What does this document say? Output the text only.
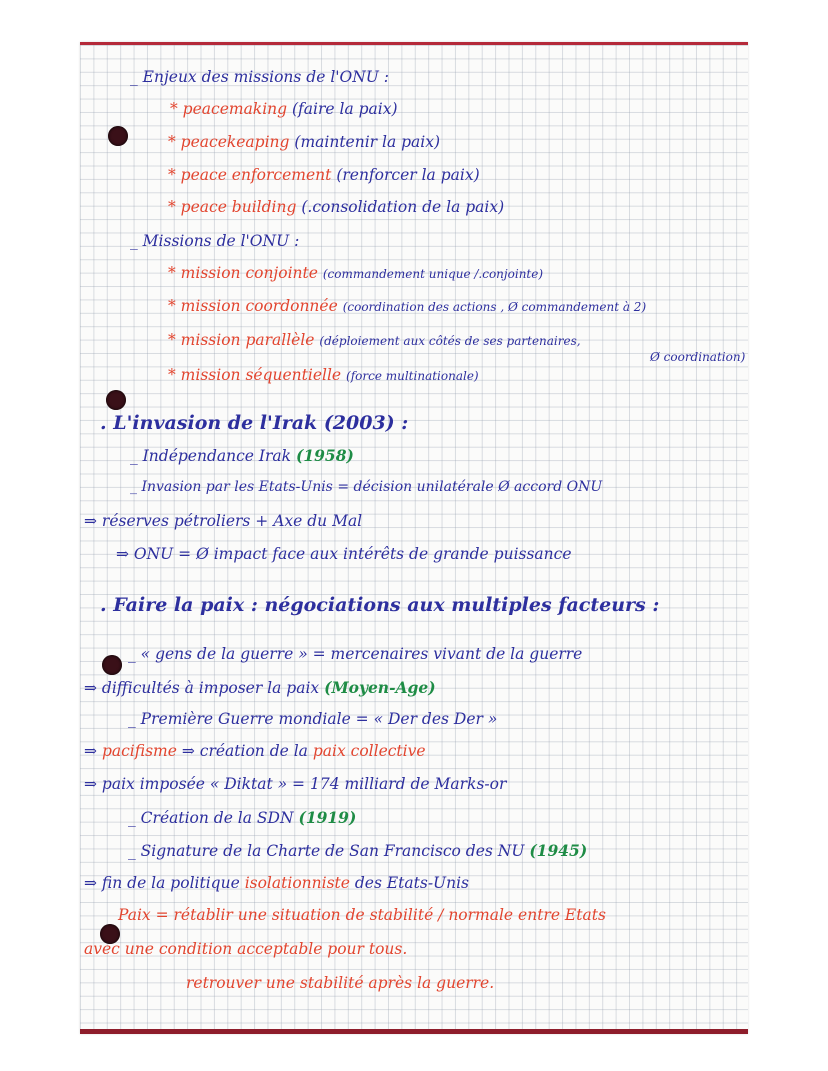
_ Enjeux des missions de l'ONU :
* peacemaking (faire la paix)
* peacekeaping (maintenir la paix)
* peace enforcement (renforcer la paix)
* peace building (.consolidation de la paix)
_ Missions de l'ONU :
* mission conjointe (commandement unique /.conjointe)
* mission coordonnée (coordination des actions , Ø commandement à 2)
* mission parallèle (déploiement aux côtés de ses partenaires,
Ø coordination)
* mission séquentielle (force multinationale)
. L'invasion de l'Irak (2003) :
_ Indépendance Irak (1958)
_ Invasion par les Etats-Unis = décision unilatérale Ø accord ONU
⇒ réserves pétroliers + Axe du Mal
⇒ ONU = Ø impact face aux intérêts de grande puissance
. Faire la paix : négociations aux multiples facteurs :
_ « gens de la guerre » = mercenaires vivant de la guerre
⇒ difficultés à imposer la paix (Moyen-Age)
_ Première Guerre mondiale = « Der des Der »
⇒ pacifisme ⇒ création de la paix collective
⇒ paix imposée « Diktat » = 174 milliard de Marks-or
_ Création de la SDN (1919)
_ Signature de la Charte de San Francisco des NU (1945)
⇒ fin de la politique isolationniste des Etats-Unis
Paix = rétablir une situation de stabilité / normale entre Etats
avec une condition acceptable pour tous.
retrouver une stabilité après la guerre.
